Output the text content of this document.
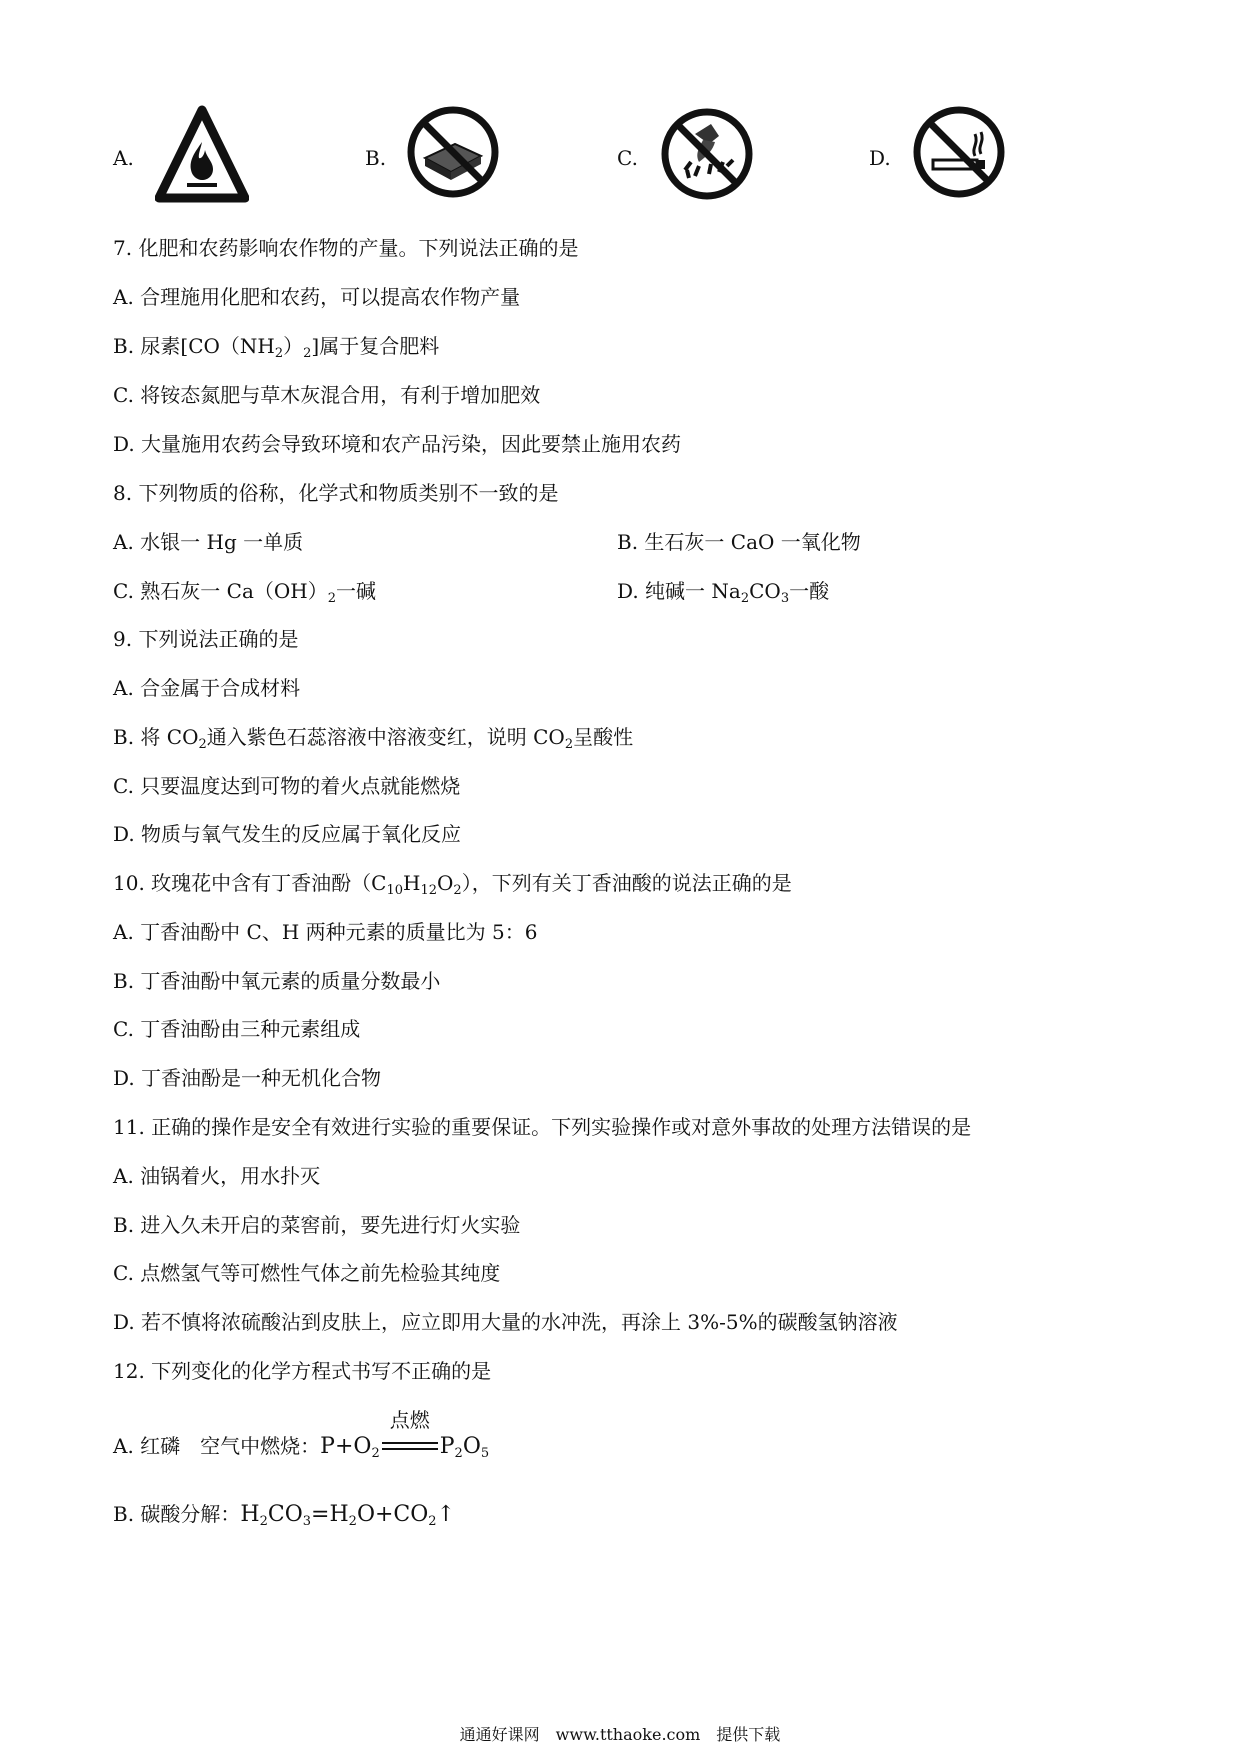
A.	B.	C.	D.
7. 化肥和农药影响农作物的产量。下列说法正确的是
A. 合理施用化肥和农药，可以提高农作物产量
B. 尿素$[CO(NH_2)_2]$属于复合肥料
C. 将铵态氮肥与草木灰混合用，有利于增加肥效
D. 大量施用农药会导致环境和农产品污染，因此要禁止施用农药
8. 下列物质的俗称，化学式和物质类别不一致的是
A. 水银一 Hg 一单质	B. 生石灰一 CaO 一氧化物
C. 熟石灰一 $Ca(OH)_2$一碱	D. 纯碱一 $Na_2CO_3$一酸
9. 下列说法正确的是
A. 合金属于合成材料
B. 将 $CO_2$通入紫色石蕊溶液中溶液变红，说明 $CO_2$呈酸性
C. 只要温度达到可物的着火点就能燃烧
D. 物质与氧气发生的反应属于氧化反应
10. 玫瑰花中含有丁香油酚$(C_{10}H_{12}O_2)$，下列有关丁香油酸的说法正确的是
A. 丁香油酚中 C、H 两种元素的质量比为 5：6
B. 丁香油酚中氧元素的质量分数最小
C. 丁香油酚由三种元素组成
D. 丁香油酚是一种无机化合物
11. 正确的操作是安全有效进行实验的重要保证。下列实验操作或对意外事故的处理方法错误的是
A. 油锅着火，用水扑灭
B. 进入久未开启的菜窖前，要先进行灯火实验
C. 点燃氢气等可燃性气体之前先检验其纯度
D. 若不慎将浓硫酸沾到皮肤上，应立即用大量的水冲洗，再涂上 3%-5%的碳酸氢钠溶液
12. 下列变化的化学方程式书写不正确的是
A. 红磷　空气中燃烧：$P+O_2$
点燃
$P_2O_5$
B. 碳酸分解：$H_2CO_3=H_2O+CO_2↑$
通通好课网　www.tthaoke.com　提供下载
